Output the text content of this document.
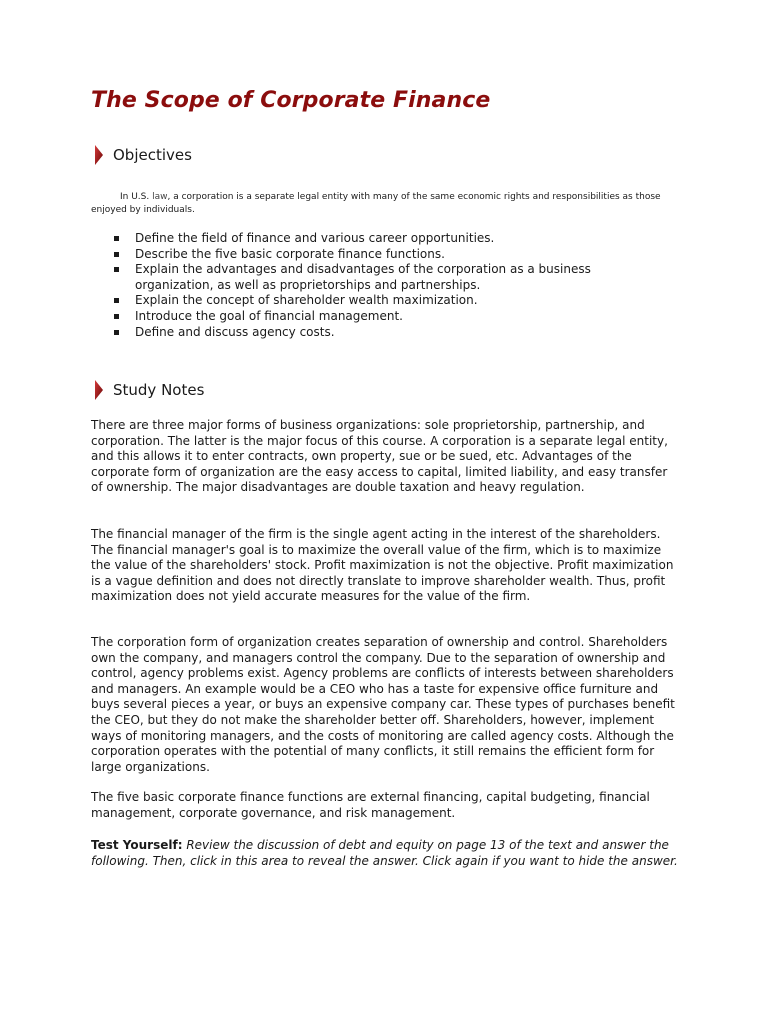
The Scope of Corporate Finance
Objectives

In U.S. law, a corporation is a separate legal entity with many of the same economic rights and responsibilities as those enjoyed by individuals.

Define the field of finance and various career opportunities.
Describe the five basic corporate finance functions.
Explain the advantages and disadvantages of the corporation as a business organization, as well as proprietorships and partnerships.
Explain the concept of shareholder wealth maximization.
Introduce the goal of financial management.
Define and discuss agency costs.
Study Notes

There are three major forms of business organizations: sole proprietorship, partnership, and corporation. The latter is the major focus of this course. A corporation is a separate legal entity, and this allows it to enter contracts, own property, sue or be sued, etc. Advantages of the corporate form of organization are the easy access to capital, limited liability, and easy transfer of ownership. The major disadvantages are double taxation and heavy regulation.

The financial manager of the firm is the single agent acting in the interest of the shareholders. The financial manager's goal is to maximize the overall value of the firm, which is to maximize the value of the shareholders' stock. Profit maximization is not the objective. Profit maximization is a vague definition and does not directly translate to improve shareholder wealth. Thus, profit maximization does not yield accurate measures for the value of the firm.

The corporation form of organization creates separation of ownership and control. Shareholders own the company, and managers control the company. Due to the separation of ownership and control, agency problems exist. Agency problems are conflicts of interests between shareholders and managers. An example would be a CEO who has a taste for expensive office furniture and buys several pieces a year, or buys an expensive company car. These types of purchases benefit the CEO, but they do not make the shareholder better off. Shareholders, however, implement ways of monitoring managers, and the costs of monitoring are called agency costs. Although the corporation operates with the potential of many conflicts, it still remains the efficient form for large organizations.

The five basic corporate finance functions are external financing, capital budgeting, financial management, corporate governance, and risk management.

Test Yourself: Review the discussion of debt and equity on page 13 of the text and answer the following. Then, click in this area to reveal the answer. Click again if you want to hide the answer.
